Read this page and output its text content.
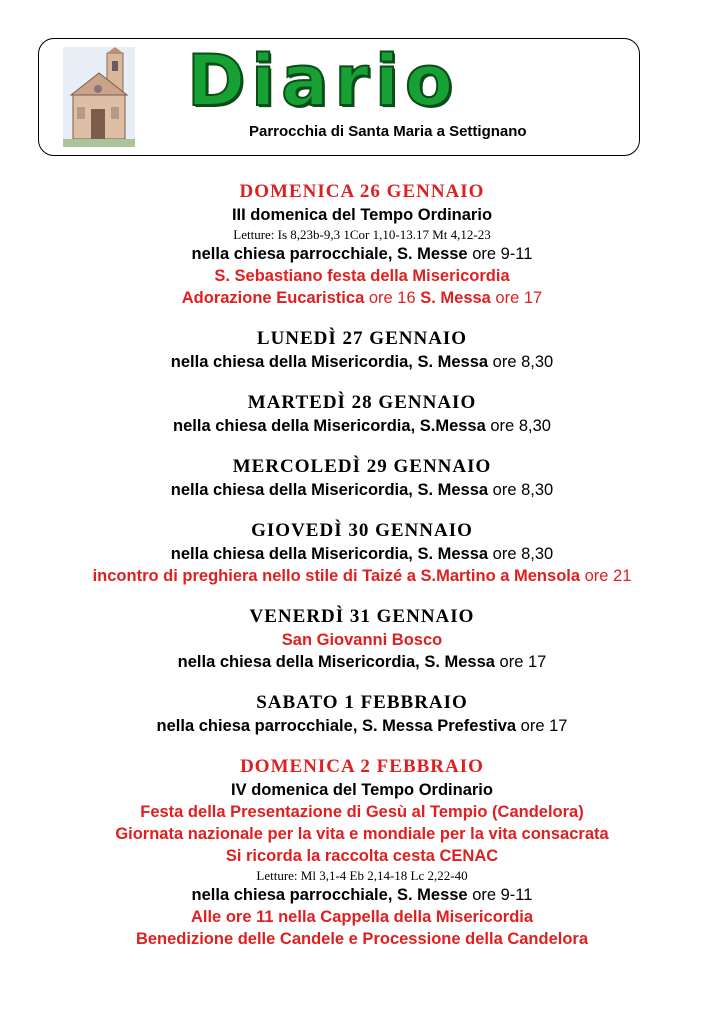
Diario
Parrocchia di Santa Maria a Settignano
DOMENICA 26 GENNAIO
III domenica del Tempo Ordinario
Letture: Is 8,23b-9,3 1Cor 1,10-13.17 Mt 4,12-23
nella chiesa parrocchiale, S. Messe ore 9-11
S. Sebastiano festa della Misericordia
Adorazione Eucaristica ore 16 S. Messa ore 17
LUNEDÌ 27 GENNAIO
nella chiesa della Misericordia, S. Messa ore 8,30
MARTEDÌ 28 GENNAIO
nella chiesa della Misericordia, S.Messa ore 8,30
MERCOLEDÌ 29 GENNAIO
nella chiesa della Misericordia, S. Messa ore 8,30
GIOVEDÌ 30 GENNAIO
nella chiesa della Misericordia, S. Messa ore 8,30
incontro di preghiera nello stile di Taizé a S.Martino a Mensola ore 21
VENERDÌ 31 GENNAIO
San Giovanni Bosco
nella chiesa della Misericordia, S. Messa ore 17
SABATO 1 FEBBRAIO
nella chiesa parrocchiale, S. Messa Prefestiva ore 17
DOMENICA 2 FEBBRAIO
IV domenica del Tempo Ordinario
Festa della Presentazione di Gesù al Tempio (Candelora)
Giornata nazionale per la vita e mondiale per la vita consacrata
Si ricorda la raccolta cesta CENAC
Letture: Ml 3,1-4 Eb 2,14-18 Lc 2,22-40
nella chiesa parrocchiale, S. Messe ore 9-11
Alle ore 11 nella Cappella della Misericordia
Benedizione delle Candele e Processione della Candelora
